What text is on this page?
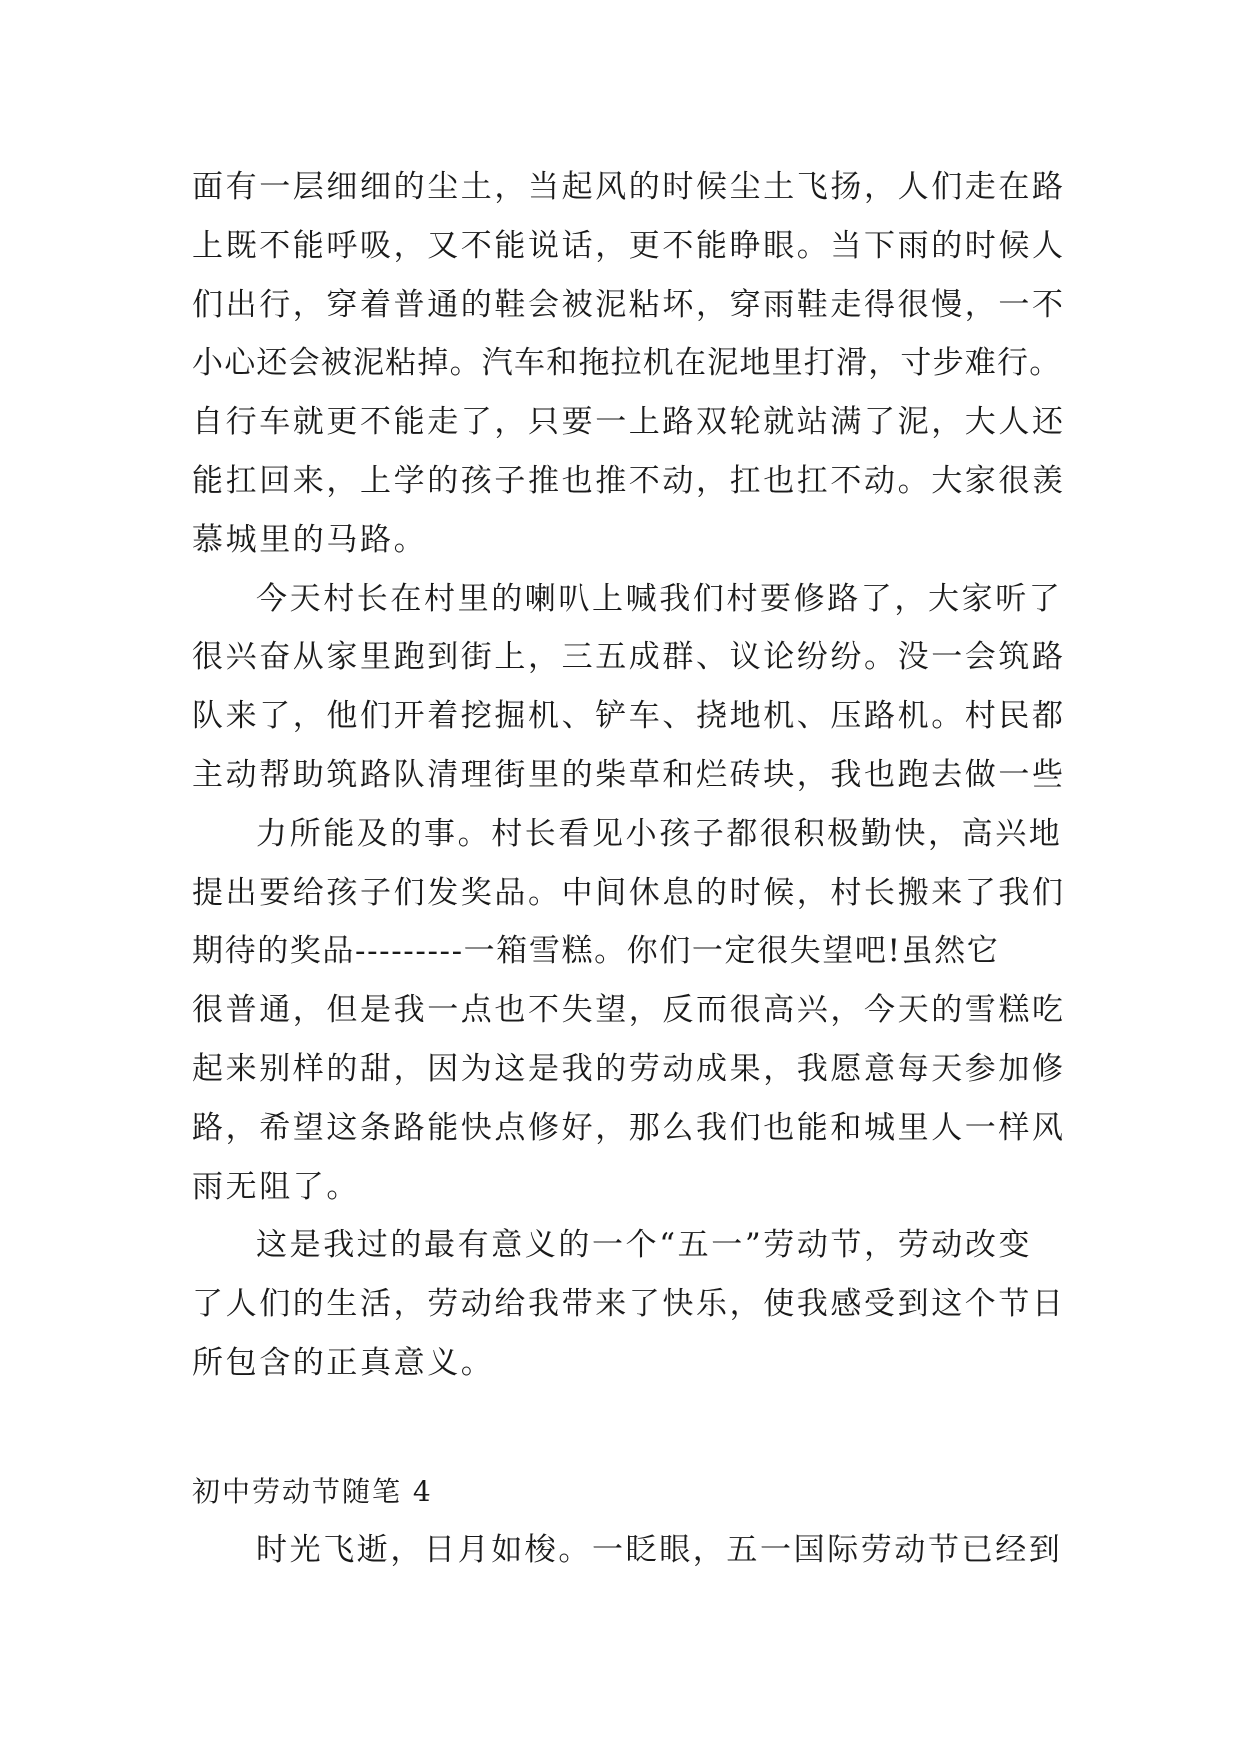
面有一层细细的尘土，当起风的时候尘土飞扬，人们走在路
上既不能呼吸，又不能说话，更不能睁眼。当下雨的时候人
们出行，穿着普通的鞋会被泥粘坏，穿雨鞋走得很慢，一不
小心还会被泥粘掉。汽车和拖拉机在泥地里打滑，寸步难行。
自行车就更不能走了，只要一上路双轮就站满了泥，大人还
能扛回来，上学的孩子推也推不动，扛也扛不动。大家很羡
慕城里的马路。
今天村长在村里的喇叭上喊我们村要修路了，大家听了
很兴奋从家里跑到街上，三五成群、议论纷纷。没一会筑路
队来了，他们开着挖掘机、铲车、挠地机、压路机。村民都
主动帮助筑路队清理街里的柴草和烂砖块，我也跑去做一些
力所能及的事。村长看见小孩子都很积极勤快，高兴地
提出要给孩子们发奖品。中间休息的时候，村长搬来了我们
期待的奖品---------一箱雪糕。你们一定很失望吧!虽然它
很普通，但是我一点也不失望，反而很高兴，今天的雪糕吃
起来别样的甜，因为这是我的劳动成果，我愿意每天参加修
路，希望这条路能快点修好，那么我们也能和城里人一样风
雨无阻了。
这是我过的最有意义的一个“五一”劳动节，劳动改变
了人们的生活，劳动给我带来了快乐，使我感受到这个节日
所包含的正真意义。
初中劳动节随笔 4
时光飞逝，日月如梭。一眨眼，五一国际劳动节已经到
